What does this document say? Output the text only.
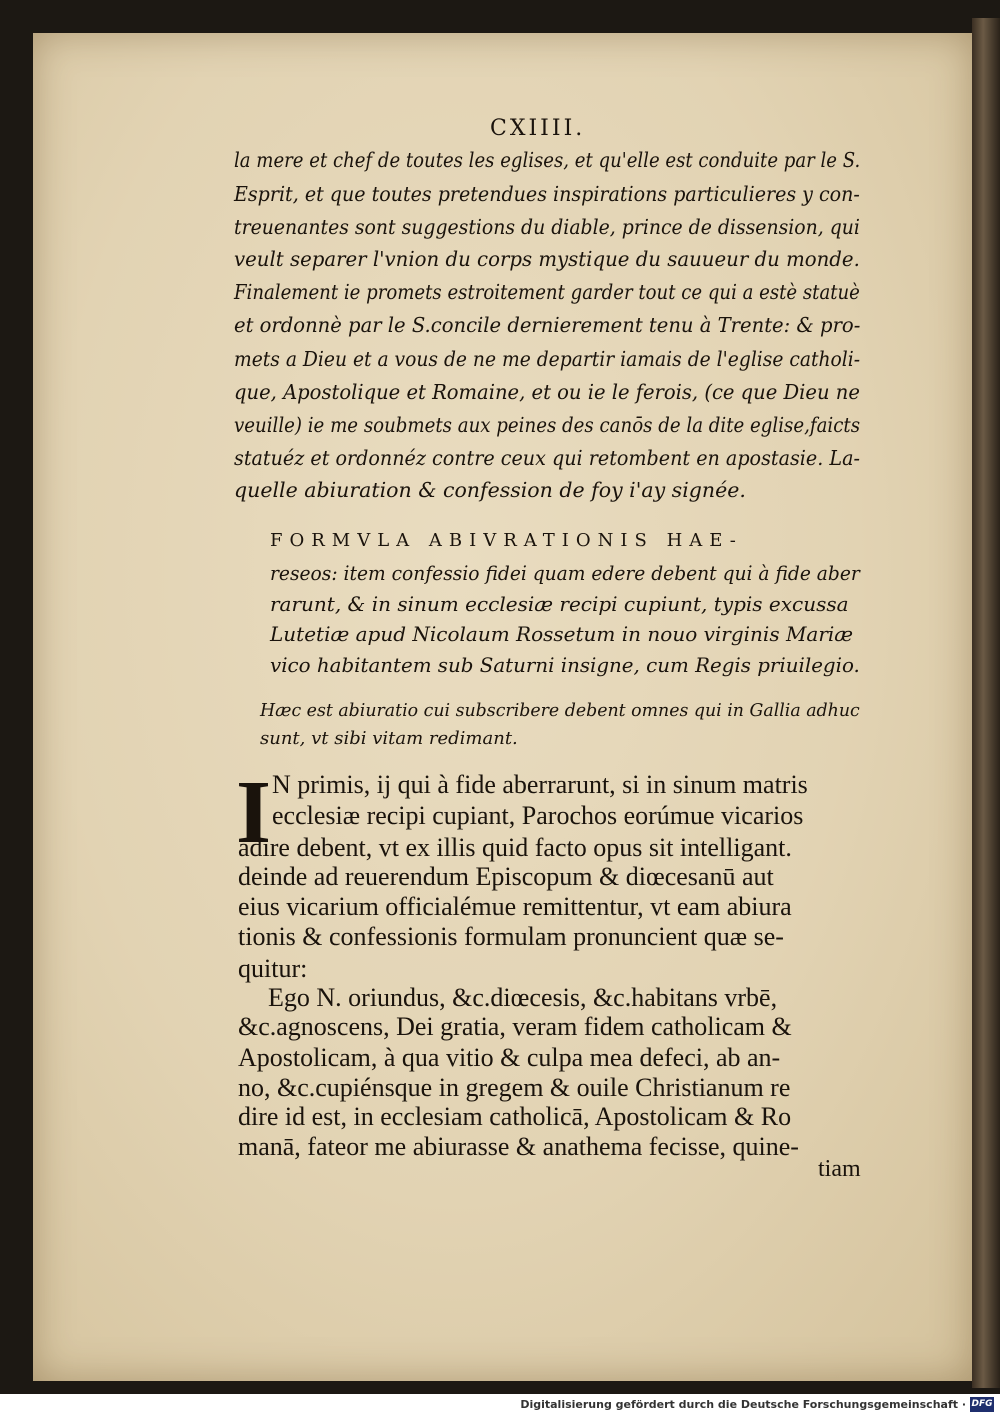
CXIIII.
la mere et chef de toutes les eglises, et qu'elle est conduite par le S.
Esprit, et que toutes pretendues inspirations particulieres y con-
treuenantes sont suggestions du diable, prince de dissension, qui
veult separer l'vnion du corps mystique du sauueur du monde.
Finalement ie promets estroitement garder tout ce qui a estè statuè
et ordonnè par le S.concile dernierement tenu à Trente: & pro-
mets a Dieu et a vous de ne me departir iamais de l'eglise catholi-
que, Apostolique et Romaine, et ou ie le ferois, (ce que Dieu ne
veuille) ie me soubmets aux peines des canōs de la dite eglise,faicts
statuéz et ordonnéz contre ceux qui retombent en apostasie. La-
quelle abiuration & confession de foy i'ay signée.
FORMVLA ABIVRATIONIS HAE-
reseos: item confessio fidei quam edere debent qui à fide aber
rarunt, & in sinum ecclesiæ recipi cupiunt, typis excussa
Lutetiæ apud Nicolaum Rossetum in nouo virginis Mariæ
vico habitantem sub Saturni insigne, cum Regis priuilegio.
Hæc est abiuratio cui subscribere debent omnes qui in Gallia adhuc
sunt, vt sibi vitam redimant.
I N primis, ij qui à fide aberrarunt, si in sinum matris
ecclesiæ recipi cupiant, Parochos eorúmue vicarios
adire debent, vt ex illis quid facto opus sit intelligant.
deinde ad reuerendum Episcopum & diœcesanū aut
eius vicarium officialémue remittentur, vt eam abiura
tionis & confessionis formulam pronuncient quæ se-
quitur:
Ego N. oriundus, &c.diœcesis, &c.habitans vrbē,
&c.agnoscens, Dei gratia, veram fidem catholicam &
Apostolicam, à qua vitio & culpa mea defeci, ab an-
no, &c.cupiénsque in gregem & ouile Christianum re
dire id est, in ecclesiam catholicā, Apostolicam & Ro
manā, fateor me abiurasse & anathema fecisse, quine-
tiam
Digitalisierung gefördert durch die Deutsche Forschungsgemeinschaft · DFG
